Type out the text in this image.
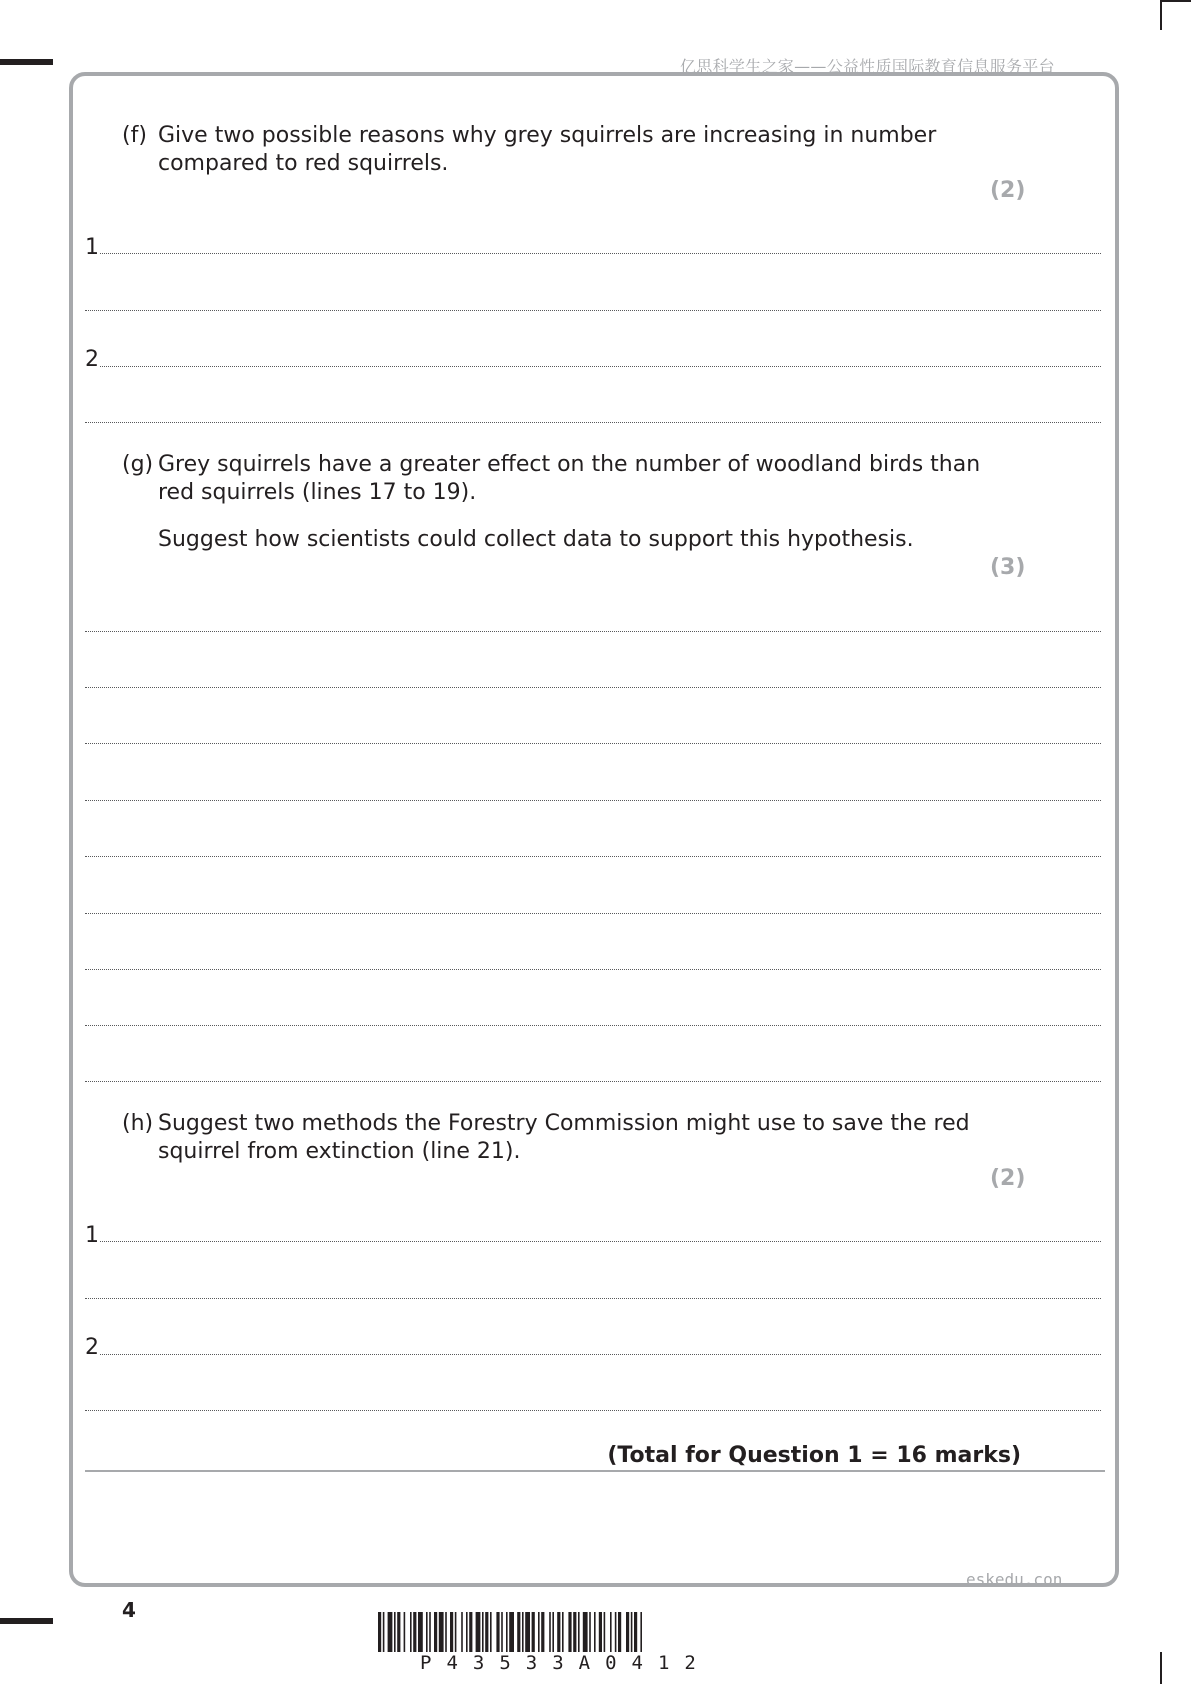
亿思科学生之家——公益性质国际教育信息服务平台
(f) Give two possible reasons why grey squirrels are increasing in number compared to red squirrels.
(2)
1
2
(g) Grey squirrels have a greater effect on the number of woodland birds than red squirrels (lines 17 to 19).
Suggest how scientists could collect data to support this hypothesis.
(3)
(h) Suggest two methods the Forestry Commission might use to save the red squirrel from extinction (line 21).
(2)
1
2
(Total for Question 1 = 16 marks)
eskedu.con
4
P43533A0412
